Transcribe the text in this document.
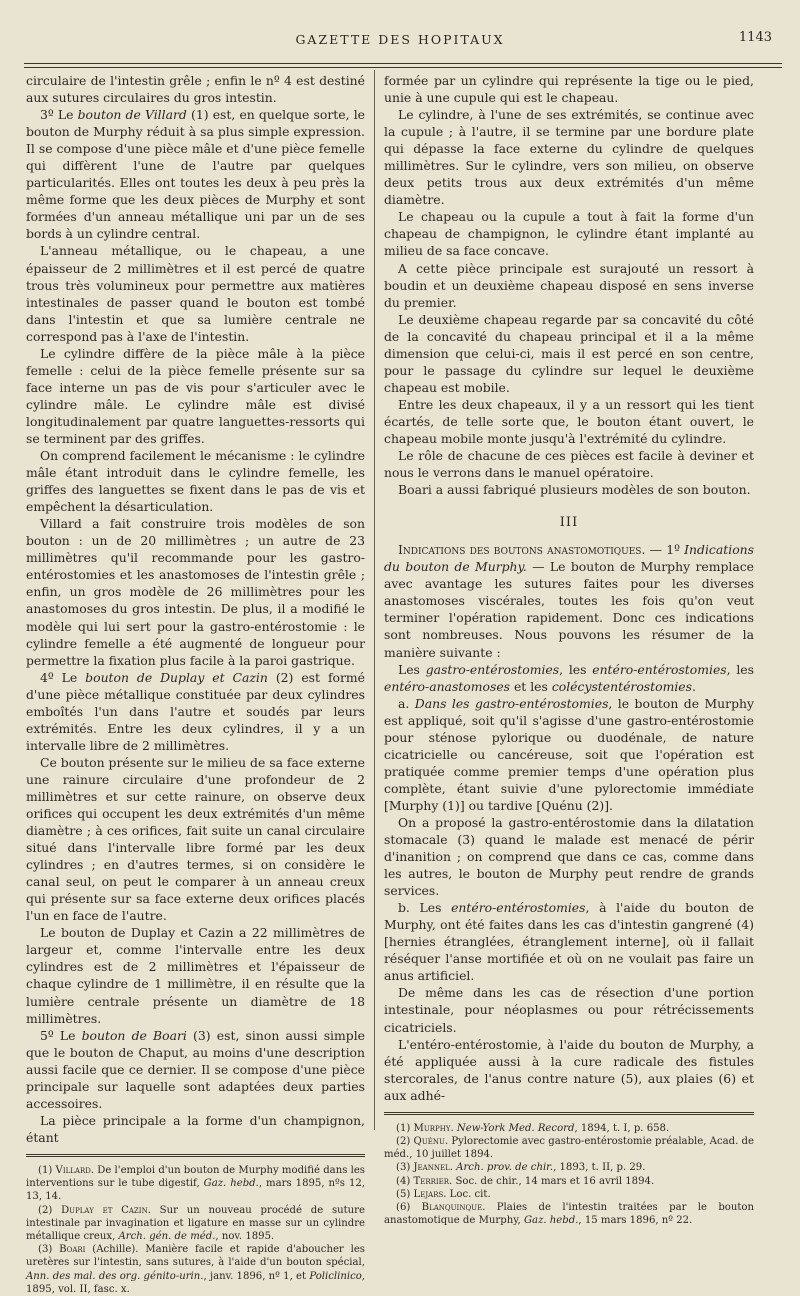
GAZETTE DES HOPITAUX	1143

circulaire de l'intestin grêle ; enfin le nº 4 est destiné aux sutures circulaires du gros intestin.

3º Le bouton de Villard (1) est, en quelque sorte, le bouton de Murphy réduit à sa plus simple expression. Il se compose d'une pièce mâle et d'une pièce femelle qui diffèrent l'une de l'autre par quelques particularités. Elles ont toutes les deux à peu près la même forme que les deux pièces de Murphy et sont formées d'un anneau métallique uni par un de ses bords à un cylindre central.

L'anneau métallique, ou le chapeau, a une épaisseur de 2 millimètres et il est percé de quatre trous très volumineux pour permettre aux matières intestinales de passer quand le bouton est tombé dans l'intestin et que sa lumière centrale ne correspond pas à l'axe de l'intestin.

Le cylindre diffère de la pièce mâle à la pièce femelle : celui de la pièce femelle présente sur sa face interne un pas de vis pour s'articuler avec le cylindre mâle. Le cylindre mâle est divisé longitudinalement par quatre languettes-ressorts qui se terminent par des griffes.

On comprend facilement le mécanisme : le cylindre mâle étant introduit dans le cylindre femelle, les griffes des languettes se fixent dans le pas de vis et empêchent la désarticulation.

Villard a fait construire trois modèles de son bouton : un de 20 millimètres ; un autre de 23 millimètres qu'il recommande pour les gastro-entérostomies et les anastomoses de l'intestin grêle ; enfin, un gros modèle de 26 millimètres pour les anastomoses du gros intestin. De plus, il a modifié le modèle qui lui sert pour la gastro-entérostomie : le cylindre femelle a été augmenté de longueur pour permettre la fixation plus facile à la paroi gastrique.

4º Le bouton de Duplay et Cazin (2) est formé d'une pièce métallique constituée par deux cylindres emboîtés l'un dans l'autre et soudés par leurs extrémités. Entre les deux cylindres, il y a un intervalle libre de 2 millimètres.

Ce bouton présente sur le milieu de sa face externe une rainure circulaire d'une profondeur de 2 millimètres et sur cette rainure, on observe deux orifices qui occupent les deux extrémités d'un même diamètre ; à ces orifices, fait suite un canal circulaire situé dans l'intervalle libre formé par les deux cylindres ; en d'autres termes, si on considère le canal seul, on peut le comparer à un anneau creux qui présente sur sa face externe deux orifices placés l'un en face de l'autre.

Le bouton de Duplay et Cazin a 22 millimètres de largeur et, comme l'intervalle entre les deux cylindres est de 2 millimètres et l'épaisseur de chaque cylindre de 1 millimètre, il en résulte que la lumière centrale présente un diamètre de 18 millimètres.

5º Le bouton de Boari (3) est, sinon aussi simple que le bouton de Chaput, au moins d'une description aussi facile que ce dernier. Il se compose d'une pièce principale sur laquelle sont adaptées deux parties accessoires.

La pièce principale a la forme d'un champignon, étant

(1) Villard. De l'emploi d'un bouton de Murphy modifié dans les interventions sur le tube digestif, Gaz. hebd., mars 1895, nºs 12, 13, 14.

(2) Duplay et Cazin. Sur un nouveau procédé de suture intestinale par invagination et ligature en masse sur un cylindre métallique creux, Arch. gén. de méd., nov. 1895.

(3) Boari (Achille). Manière facile et rapide d'aboucher les uretères sur l'intestin, sans sutures, à l'aide d'un bouton spécial, Ann. des mal. des org. génito-urin., janv. 1896, nº 1, et Policlinico, 1895, vol. II, fasc. x.

formée par un cylindre qui représente la tige ou le pied, unie à une cupule qui est le chapeau.

Le cylindre, à l'une de ses extrémités, se continue avec la cupule ; à l'autre, il se termine par une bordure plate qui dépasse la face externe du cylindre de quelques millimètres. Sur le cylindre, vers son milieu, on observe deux petits trous aux deux extrémités d'un même diamètre.

Le chapeau ou la cupule a tout à fait la forme d'un chapeau de champignon, le cylindre étant implanté au milieu de sa face concave.

A cette pièce principale est surajouté un ressort à boudin et un deuxième chapeau disposé en sens inverse du premier.

Le deuxième chapeau regarde par sa concavité du côté de la concavité du chapeau principal et il a la même dimension que celui-ci, mais il est percé en son centre, pour le passage du cylindre sur lequel le deuxième chapeau est mobile.

Entre les deux chapeaux, il y a un ressort qui les tient écartés, de telle sorte que, le bouton étant ouvert, le chapeau mobile monte jusqu'à l'extrémité du cylindre.

Le rôle de chacune de ces pièces est facile à deviner et nous le verrons dans le manuel opératoire.

Boari a aussi fabriqué plusieurs modèles de son bouton.

III

Indications des boutons anastomotiques. — 1º Indications du bouton de Murphy. — Le bouton de Murphy remplace avec avantage les sutures faites pour les diverses anastomoses viscérales, toutes les fois qu'on veut terminer l'opération rapidement. Donc ces indications sont nombreuses. Nous pouvons les résumer de la manière suivante :

Les gastro-entérostomies, les entéro-entérostomies, les entéro-anastomoses et les colécystentérostomies.

a. Dans les gastro-entérostomies, le bouton de Murphy est appliqué, soit qu'il s'agisse d'une gastro-entérostomie pour sténose pylorique ou duodénale, de nature cicatricielle ou cancéreuse, soit que l'opération est pratiquée comme premier temps d'une opération plus complète, étant suivie d'une pylorectomie immédiate [Murphy (1)] ou tardive [Quénu (2)].

On a proposé la gastro-entérostomie dans la dilatation stomacale (3) quand le malade est menacé de périr d'inanition ; on comprend que dans ce cas, comme dans les autres, le bouton de Murphy peut rendre de grands services.

b. Les entéro-entérostomies, à l'aide du bouton de Murphy, ont été faites dans les cas d'intestin gangrené (4) [hernies étranglées, étranglement interne], où il fallait réséquer l'anse mortifiée et où on ne voulait pas faire un anus artificiel.

De même dans les cas de résection d'une portion intestinale, pour néoplasmes ou pour rétrécissements cicatriciels.

L'entéro-entérostomie, à l'aide du bouton de Murphy, a été appliquée aussi à la cure radicale des fistules stercorales, de l'anus contre nature (5), aux plaies (6) et aux adhé-

(1) Murphy. New-York Med. Record, 1894, t. I, p. 658.

(2) Quénu. Pylorectomie avec gastro-entérostomie préalable, Acad. de méd., 10 juillet 1894.

(3) Jeannel. Arch. prov. de chir., 1893, t. II, p. 29.

(4) Terrier. Soc. de chir., 14 mars et 16 avril 1894.

(5) Lejars. Loc. cit.

(6) Blanquinque. Plaies de l'intestin traitées par le bouton anastomotique de Murphy, Gaz. hebd., 15 mars 1896, nº 22.
